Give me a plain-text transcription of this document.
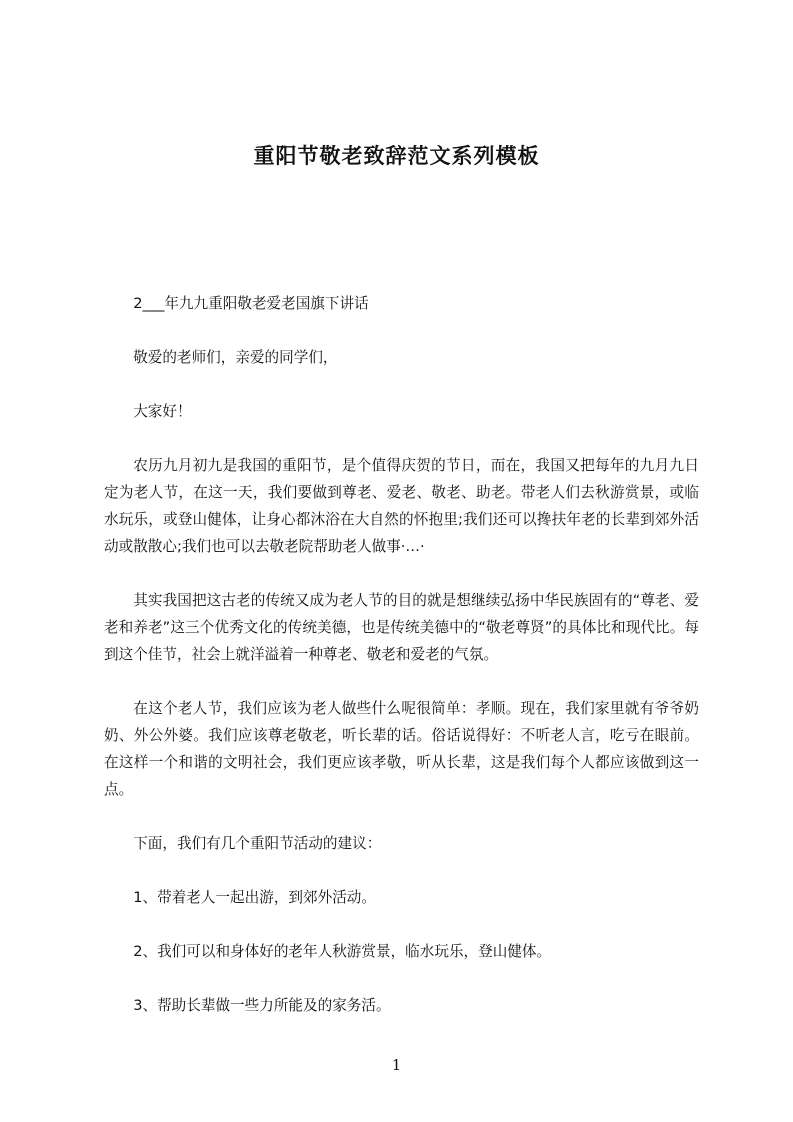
重阳节敬老致辞范文系列模板

2___年九九重阳敬老爱老国旗下讲话

敬爱的老师们，亲爱的同学们，

大家好！

农历九月初九是我国的重阳节，是个值得庆贺的节日，而在，我国又把每年的九月九日定为老人节，在这一天，我们要做到尊老、爱老、敬老、助老。带老人们去秋游赏景，或临水玩乐，或登山健体，让身心都沐浴在大自然的怀抱里;我们还可以搀扶年老的长辈到郊外活动或散散心;我们也可以去敬老院帮助老人做事·…·

其实我国把这古老的传统又成为老人节的目的就是想继续弘扬中华民族固有的“尊老、爱老和养老”这三个优秀文化的传统美德，也是传统美德中的“敬老尊贤”的具体比和现代比。每到这个佳节，社会上就洋溢着一种尊老、敬老和爱老的气氛。

在这个老人节，我们应该为老人做些什么呢很简单：孝顺。现在，我们家里就有爷爷奶奶、外公外婆。我们应该尊老敬老，听长辈的话。俗话说得好：不听老人言，吃亏在眼前。在这样一个和谐的文明社会，我们更应该孝敬，听从长辈，这是我们每个人都应该做到这一点。

下面，我们有几个重阳节活动的建议：

1、带着老人一起出游，到郊外活动。

2、我们可以和身体好的老年人秋游赏景，临水玩乐，登山健体。

3、帮助长辈做一些力所能及的家务活。

1
